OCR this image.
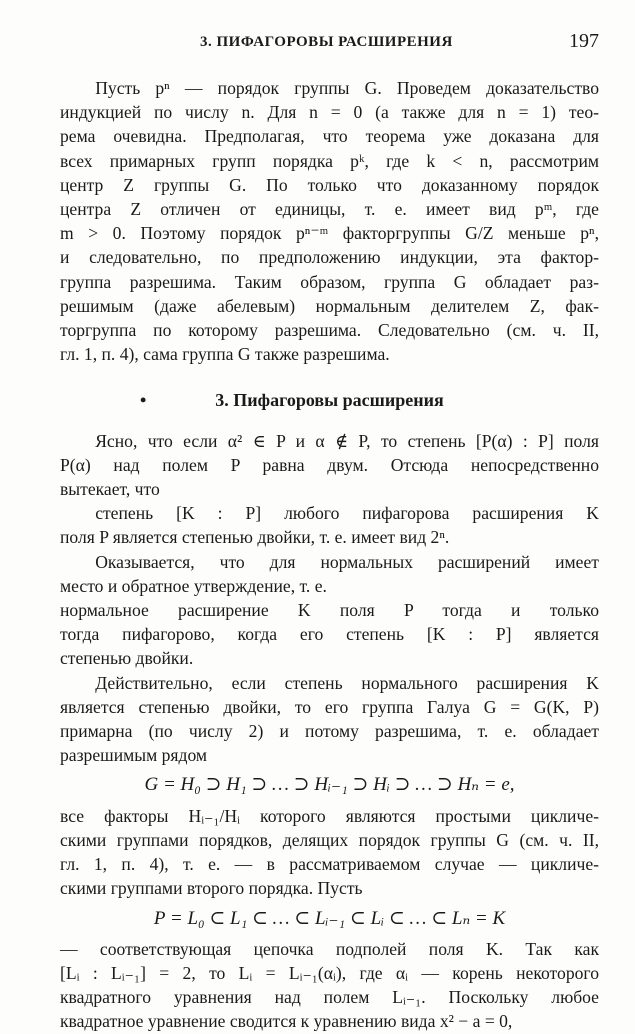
3. ПИФАГОРОВЫ РАСШИРЕНИЯ	197
Пусть pⁿ — порядок группы G. Проведем доказательство
индукцией по числу n. Для n = 0 (а также для n = 1) тео-
рема очевидна. Предполагая, что теорема уже доказана для
всех примарных групп порядка pᵏ, где k < n, рассмотрим
центр Z группы G. По только что доказанному порядок
центра Z отличен от единицы, т. е. имеет вид pᵐ, где
m > 0. Поэтому порядок pⁿ⁻ᵐ факторгруппы G/Z меньше pⁿ,
и следовательно, по предположению индукции, эта фактор-
группа разрешима. Таким образом, группа G обладает раз-
решимым (даже абелевым) нормальным делителем Z, фак-
торгруппа по которому разрешима. Следовательно (см. ч. II,
гл. 1, п. 4), сама группа G также разрешима.
•	3. Пифагоровы расширения
Ясно, что если α² ∈ P и α ∉ P, то степень [P(α) : P] поля
P(α) над полем P равна двум. Отсюда непосредственно
вытекает, что
степень [K : P] любого пифагорова расширения K
поля P является степенью двойки, т. е. имеет вид 2ⁿ.
Оказывается, что для нормальных расширений имеет
место и обратное утверждение, т. е.
нормальное расширение K поля P тогда и только
тогда пифагорово, когда его степень [K : P] является
степенью двойки.
Действительно, если степень нормального расширения K
является степенью двойки, то его группа Галуа G = G(K, P)
примарна (по числу 2) и потому разрешима, т. е. обладает
разрешимым рядом
G = H₀ ⊃ H₁ ⊃ … ⊃ Hᵢ₋₁ ⊃ Hᵢ ⊃ … ⊃ Hₙ = e,
все факторы Hᵢ₋₁/Hᵢ которого являются простыми цикличе-
скими группами порядков, делящих порядок группы G (см. ч. II,
гл. 1, п. 4), т. е. — в рассматриваемом случае — цикличе-
скими группами второго порядка. Пусть
P = L₀ ⊂ L₁ ⊂ … ⊂ Lᵢ₋₁ ⊂ Lᵢ ⊂ … ⊂ Lₙ = K
— соответствующая цепочка подполей поля K. Так как
[Lᵢ : Lᵢ₋₁] = 2, то Lᵢ = Lᵢ₋₁(αᵢ), где αᵢ — корень некоторого
квадратного уравнения над полем Lᵢ₋₁. Поскольку любое
квадратное уравнение сводится к уравнению вида x² − a = 0,
